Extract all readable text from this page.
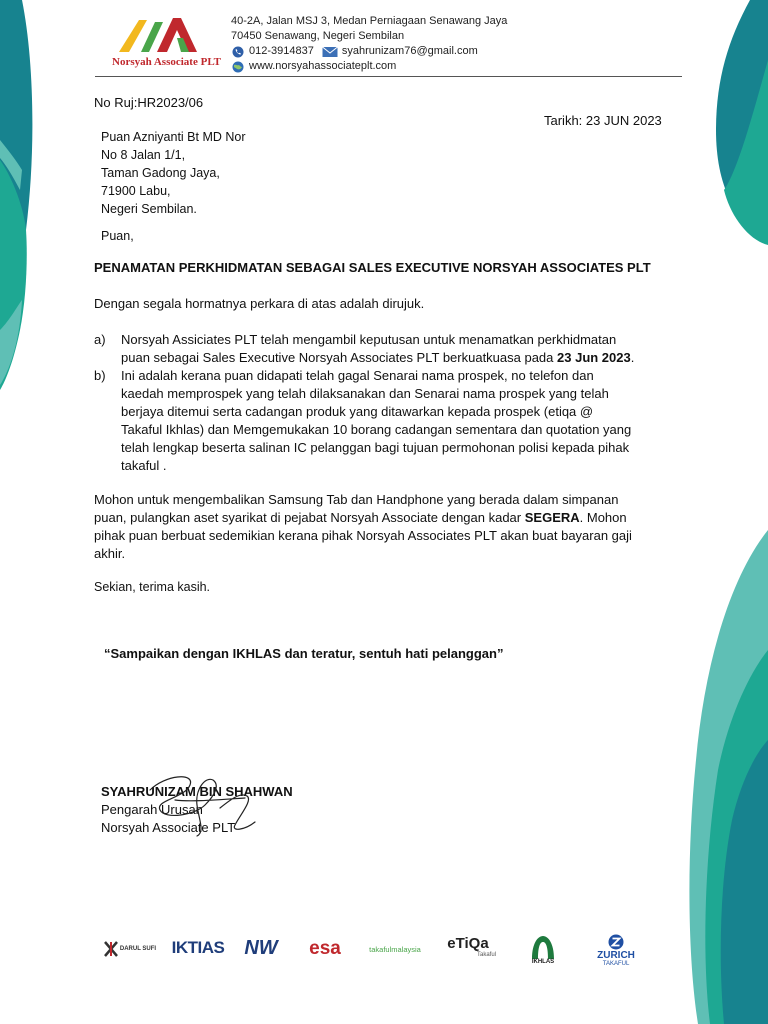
Norsyah Associate PLT
40-2A, Jalan MSJ 3, Medan Perniagaan Senawang Jaya
70450 Senawang, Negeri Sembilan
012-3914837	syahrunizam76@gmail.com
www.norsyahassociateplt.com
No Ruj:HR2023/06
Tarikh: 23 JUN 2023
Puan Azniyanti Bt MD Nor
No 8 Jalan 1/1,
Taman Gadong Jaya,
71900 Labu,
Negeri Sembilan.
Puan,
PENAMATAN PERKHIDMATAN SEBAGAI SALES EXECUTIVE NORSYAH ASSOCIATES PLT
Dengan segala hormatnya perkara di atas adalah dirujuk.
a) Norsyah Assiciates PLT telah mengambil keputusan untuk menamatkan perkhidmatan
puan sebagai Sales Executive Norsyah Associates PLT berkuatkuasa pada 23 Jun 2023.
b) Ini adalah kerana puan didapati telah gagal Senarai nama prospek, no telefon dan
kaedah memprospek yang telah dilaksanakan dan Senarai nama prospek yang telah
berjaya ditemui serta cadangan produk yang ditawarkan kepada prospek (etiqa @
Takaful Ikhlas) dan Memgemukakan 10 borang cadangan sementara dan quotation yang
telah lengkap beserta salinan IC pelanggan bagi tujuan permohonan polisi kepada pihak
takaful .
Mohon untuk mengembalikan Samsung Tab dan Handphone yang berada dalam simpanan
puan, pulangkan aset syarikat di pejabat Norsyah Associate dengan kadar SEGERA. Mohon
pihak puan berbuat sedemikian kerana pihak Norsyah Associates PLT akan buat bayaran gaji
akhir.
Sekian, terima kasih.
“Sampaikan dengan IKHLAS dan teratur, sentuh hati pelanggan”
SYAHRUNIZAM BIN SHAHWAN
Pengarah Urusan
Norsyah Associate PLT
DARUL SUFI IKTIAS NW esa	takafulmalaysia eTiQa
Takaful
IKHLAS
ZURICH
TAKAFUL
